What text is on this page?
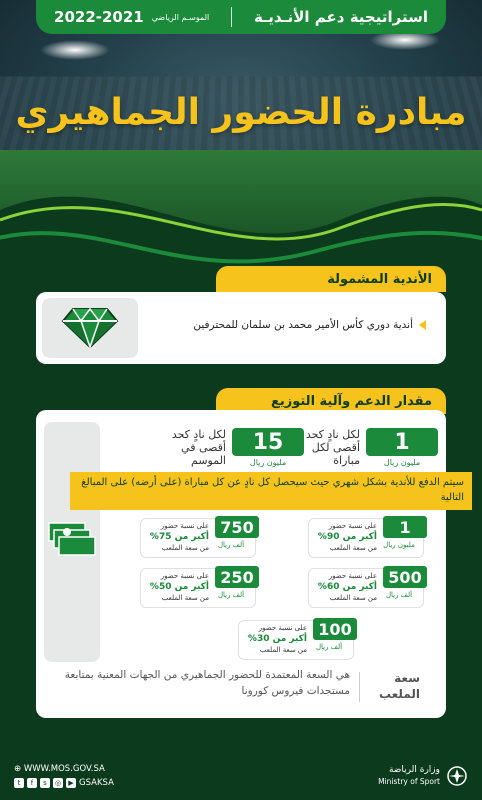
استراتيجية دعم الأنـديـة
الموسـم الرياضي
2022-2021
مبادرة الحضور الجماهيري
الأندية المشمولة
أندية دوري كأس الأمير محمد بن سلمان للمحترفين
مقدار الدعم وآلية التوزيع
1
مليون ريال
لكل نادٍ كحد أقصى لكل مباراة
15
مليون ريال
لكل نادٍ كحد أقصى في الموسم
سيتم الدفع للأندية بشكل شهري حيث سيحصل كل نادٍ عن كل مباراة (على أرضه) على المبالغ التالية
1
مليون ريال
على نسبة حضور
أكبر من 90%
من سعة الملعب
750
ألف ريال
على نسبة حضور
أكبر من 75%
من سعة الملعب
500
ألف ريال
على نسبة حضور
أكبر من 60%
من سعة الملعب
250
ألف ريال
على نسبة حضور
أكبر من 50%
من سعة الملعب
100
ألف ريال
على نسبة حضور
أكبر من 30%
من سعة الملعب
سعة الملعب
هي السعة المعتمدة للحضور الجماهيري من الجهات المعنية بمتابعة مستجدات فيروس كورونا
وزارة الرياضة
Ministry of Sport
⊕ WWW.MOS.GOV.SA
t	f	s	◎	▶ GSAKSA
